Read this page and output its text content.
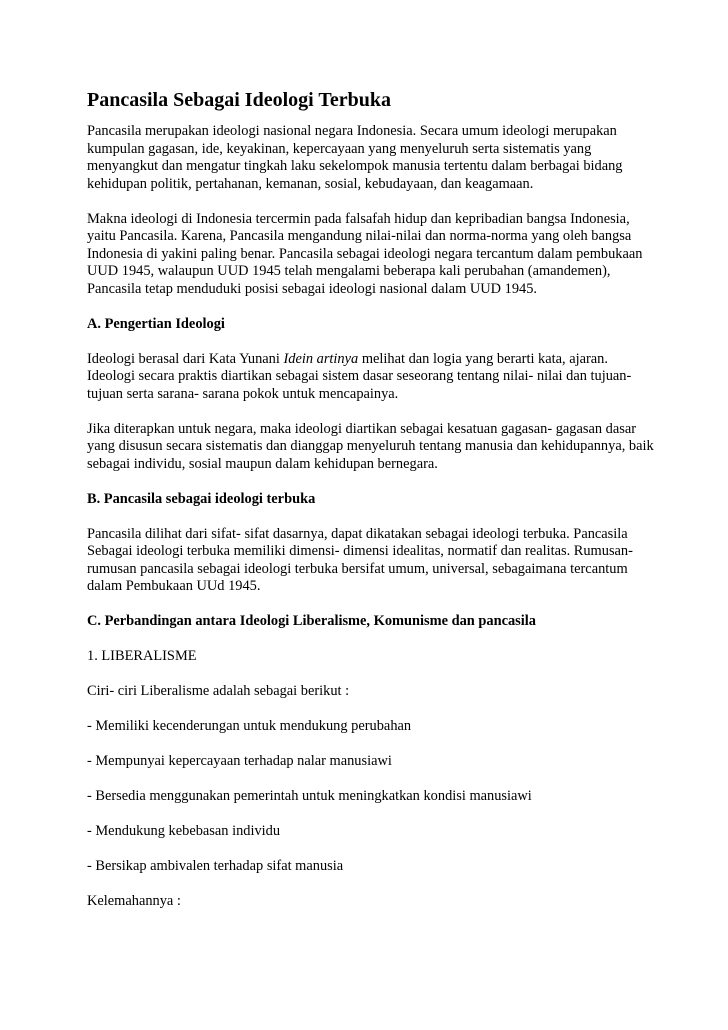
Pancasila Sebagai Ideologi Terbuka

Pancasila merupakan ideologi nasional negara Indonesia. Secara umum ideologi merupakan kumpulan gagasan, ide, keyakinan, kepercayaan yang menyeluruh serta sistematis yang menyangkut dan mengatur tingkah laku sekelompok manusia tertentu dalam berbagai bidang kehidupan politik, pertahanan, kemanan, sosial, kebudayaan, dan keagamaan.

Makna ideologi di Indonesia tercermin pada falsafah hidup dan kepribadian bangsa Indonesia, yaitu Pancasila. Karena, Pancasila mengandung nilai-nilai dan norma-norma yang oleh bangsa Indonesia di yakini paling benar. Pancasila sebagai ideologi negara tercantum dalam pembukaan UUD 1945, walaupun UUD 1945 telah mengalami beberapa kali perubahan (amandemen), Pancasila tetap menduduki posisi sebagai ideologi nasional dalam UUD 1945.

A. Pengertian Ideologi

Ideologi berasal dari Kata Yunani Idein artinya melihat dan logia yang berarti kata, ajaran. Ideologi secara praktis diartikan sebagai sistem dasar seseorang tentang nilai- nilai dan tujuan- tujuan serta sarana- sarana pokok untuk mencapainya.

Jika diterapkan untuk negara, maka ideologi diartikan sebagai kesatuan gagasan- gagasan dasar yang disusun secara sistematis dan dianggap menyeluruh tentang manusia dan kehidupannya, baik sebagai individu, sosial maupun dalam kehidupan bernegara.

B. Pancasila sebagai ideologi terbuka

Pancasila dilihat dari sifat- sifat dasarnya, dapat dikatakan sebagai ideologi terbuka. Pancasila Sebagai ideologi terbuka memiliki dimensi- dimensi idealitas, normatif dan realitas. Rumusan- rumusan pancasila sebagai ideologi terbuka bersifat umum, universal, sebagaimana tercantum dalam Pembukaan UUd 1945.

C. Perbandingan antara Ideologi Liberalisme, Komunisme dan pancasila

1. LIBERALISME

Ciri- ciri Liberalisme adalah sebagai berikut :

- Memiliki kecenderungan untuk mendukung perubahan

- Mempunyai kepercayaan terhadap nalar manusiawi

- Bersedia menggunakan pemerintah untuk meningkatkan kondisi manusiawi

- Mendukung kebebasan individu

- Bersikap ambivalen terhadap sifat manusia

Kelemahannya :
